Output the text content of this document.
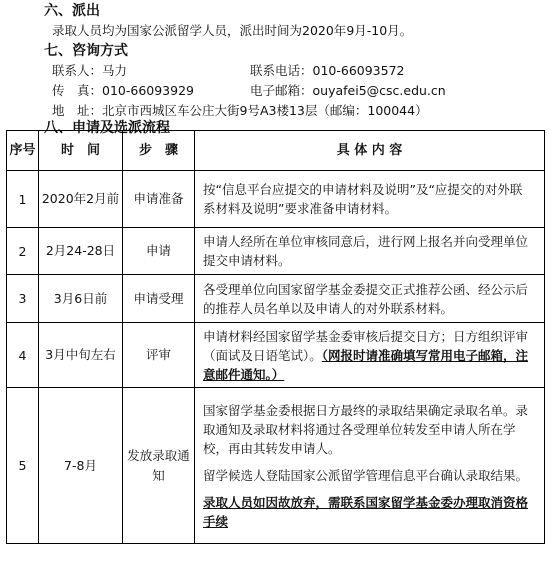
六、派出
录取人员均为国家公派留学人员，派出时间为2020年9月-10月。
七、咨询方式
联系人：马力	联系电话：010-66093572
传　真：010-66093929	电子邮箱：ouyafei5@csc.edu.cn
地　址：北京市西城区车公庄大街9号A3楼13层（邮编：100044）
八、申请及选派流程
序号	时　间	步　骤	具 体 内 容
1	2020年2月前	申请准备	按“信息平台应提交的申请材料及说明”及“应提交的对外联系材料及说明”要求准备申请材料。

2	2月24-28日	申请	申请人经所在单位审核同意后，进行网上报名并向受理单位提交申请材料。

3	3月6日前	申请受理	各受理单位向国家留学基金委提交正式推荐公函、经公示后的推荐人员名单以及申请人的对外联系材料。

4	3月中旬左右	评审	申请材料经国家留学基金委审核后提交日方；日方组织评审（面试及日语笔试）。（网报时请准确填写常用电子邮箱，注意邮件通知。）

5	7-8月	发放录取通知	国家留学基金委根据日方最终的录取结果确定录取名单。录取通知及录取材料将通过各受理单位转发至申请人所在学校，再由其转发申请人。

留学候选人登陆国家公派留学管理信息平台确认录取结果。

录取人员如因故放弃，需联系国家留学基金委办理取消资格手续
